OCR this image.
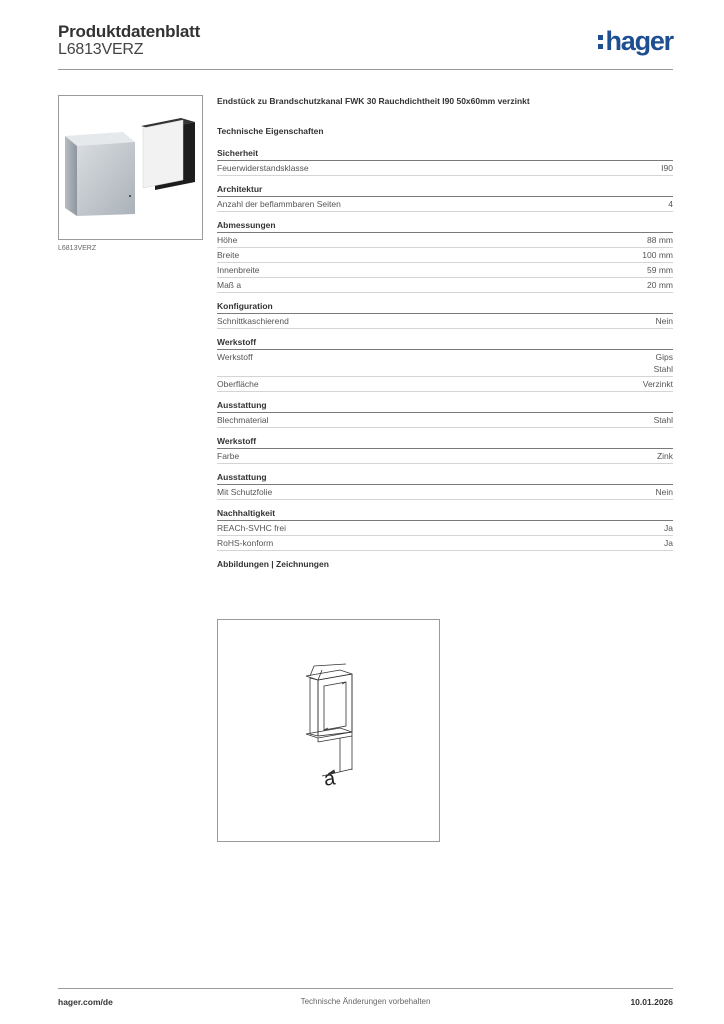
Produktdatenblatt
L6813VERZ	hager
L6813VERZ
Endstück zu Brandschutzkanal FWK 30 Rauchdichtheit I90 50x60mm verzinkt
Technische Eigenschaften
Sicherheit
Feuerwiderstandsklasse	I90
Architektur
Anzahl der beflammbaren Seiten	4
Abmessungen
Höhe	88 mm
Breite	100 mm
Innenbreite	59 mm
Maß a	20 mm
Konfiguration
Schnittkaschierend	Nein
Werkstoff
Werkstoff	Gips
Stahl
Oberfläche	Verzinkt
Ausstattung
Blechmaterial	Stahl
Werkstoff
Farbe	Zink
Ausstattung
Mit Schutzfolie	Nein
Nachhaltigkeit
REACh-SVHC frei	Ja
RoHS-konform	Ja
Abbildungen | Zeichnungen
a
hager.com/de	Technische Änderungen vorbehalten	10.01.2026
